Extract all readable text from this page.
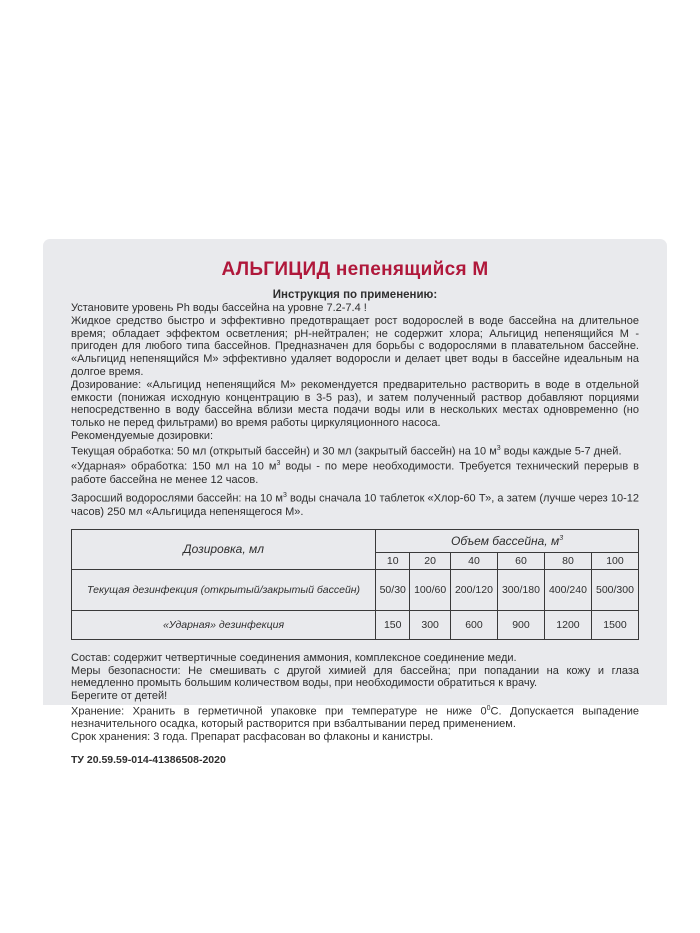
АЛЬГИЦИД непенящийся М
Инструкция по применению:

Установите уровень Ph воды бассейна на уровне 7.2-7.4 !

Жидкое средство быстро и эффективно предотвращает рост водорослей в воде бассейна на длительное время; обладает эффектом осветления; pH-нейтрален; не содержит хлора; Альгицид непенящийся М - пригоден для любого типа бассейнов. Предназначен для борьбы с водорослями в плавательном бассейне. «Альгицид непенящийся М» эффективно удаляет водоросли и делает цвет воды в бассейне идеальным на долгое время.

Дозирование: «Альгицид непенящийся М» рекомендуется предварительно растворить в воде в отдельной емкости (понижая исходную концентрацию в 3-5 раз), и затем полученный раствор добавляют порциями непосредственно в воду бассейна вблизи места подачи воды или в нескольких местах одновременно (но только не перед фильтрами) во время работы циркуляционного насоса.

Рекомендуемые дозировки:

Текущая обработка: 50 мл (открытый бассейн) и 30 мл (закрытый бассейн) на 10 $м^3$ воды каждые 5-7 дней.

«Ударная» обработка: 150 мл на 10 $м^3$ воды - по мере необходимости. Требуется технический перерыв в работе бассейна не менее 12 часов.

Заросший водорослями бассейн: на 10 $м^3$ воды сначала 10 таблеток «Хлор-60 Т», а затем (лучше через 10-12 часов) 250 мл «Альгицида непенящегося М».

Дозировка, мл	Объем бассейна, $м^3$
	10	20	40	60	80	100
Текущая дезинфекция (открытый/закрытый бассейн)	50/30	100/60	200/120	300/180	400/240	500/300
«Ударная» дезинфекция	150	300	600	900	1200	1500

Состав: содержит четвертичные соединения аммония, комплексное соединение меди.

Меры безопасности: Не смешивать с другой химией для бассейна; при попадании на кожу и глаза немедленно промыть большим количеством воды, при необходимости обратиться к врачу.

Берегите от детей!

Хранение: Хранить в герметичной упаковке при температуре не ниже $0^0С$. Допускается выпадение незначительного осадка, который растворится при взбалтывании перед применением.

Срок хранения: 3 года. Препарат расфасован во флаконы и канистры.

ТУ 20.59.59-014-41386508-2020
